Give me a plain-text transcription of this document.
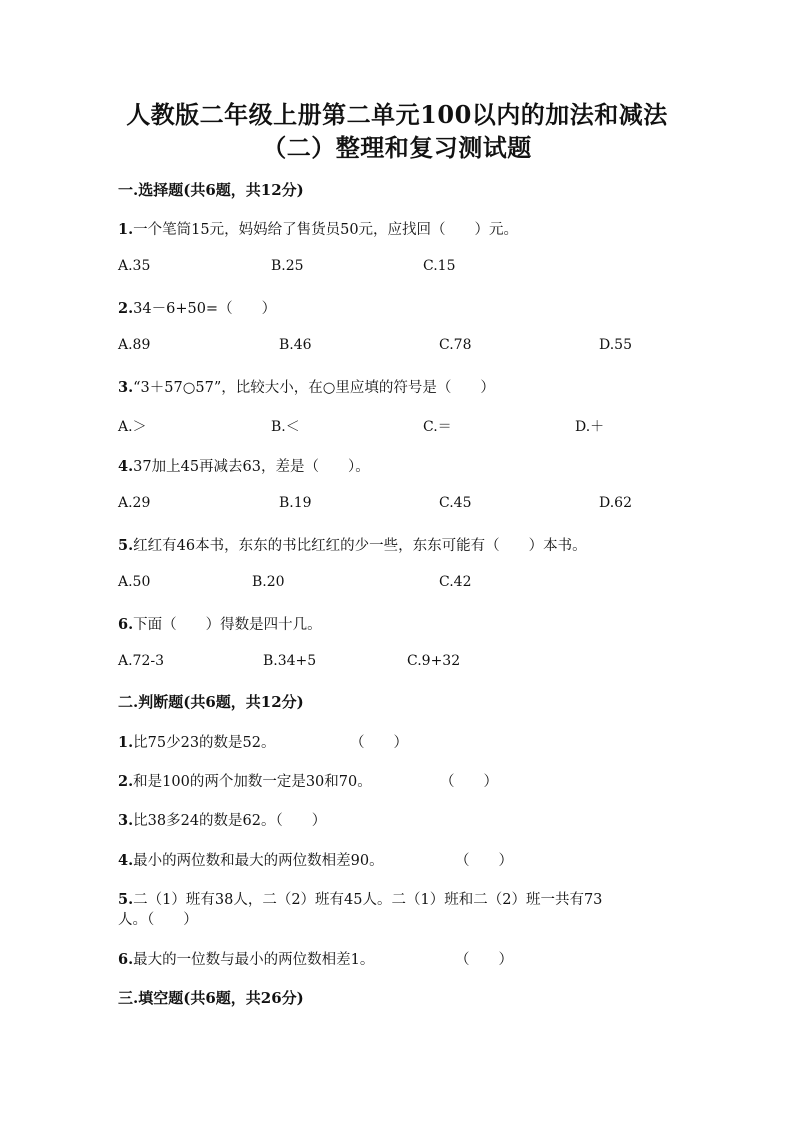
人教版二年级上册第二单元100以内的加法和减法
（二）整理和复习测试题
一.选择题(共6题，共12分)
1.一个笔筒15元，妈妈给了售货员50元，应找回（　　）元。
A.35	B.25	C.15
2.34－6+50=（　　）
A.89	B.46	C.78	D.55
3.“3＋57○57”，比较大小，在○里应填的符号是（　　）
A.＞	B.＜	C.＝	D.＋
4.37加上45再减去63，差是（　　）。
A.29	B.19	C.45	D.62
5.红红有46本书，东东的书比红红的少一些，东东可能有（　　）本书。
A.50	B.20	C.42
6.下面（　　）得数是四十几。
A.72-3	B.34+5	C.9+32
二.判断题(共6题，共12分)
1.比75少23的数是52。	（　　）
2.和是100的两个加数一定是30和70。	（　　）
3.比38多24的数是62。（　　）
4.最小的两位数和最大的两位数相差90。	（　　）
5.二（1）班有38人，二（2）班有45人。二（1）班和二（2）班一共有73
人。（　　）
6.最大的一位数与最小的两位数相差1。	（　　）
三.填空题(共6题，共26分)
